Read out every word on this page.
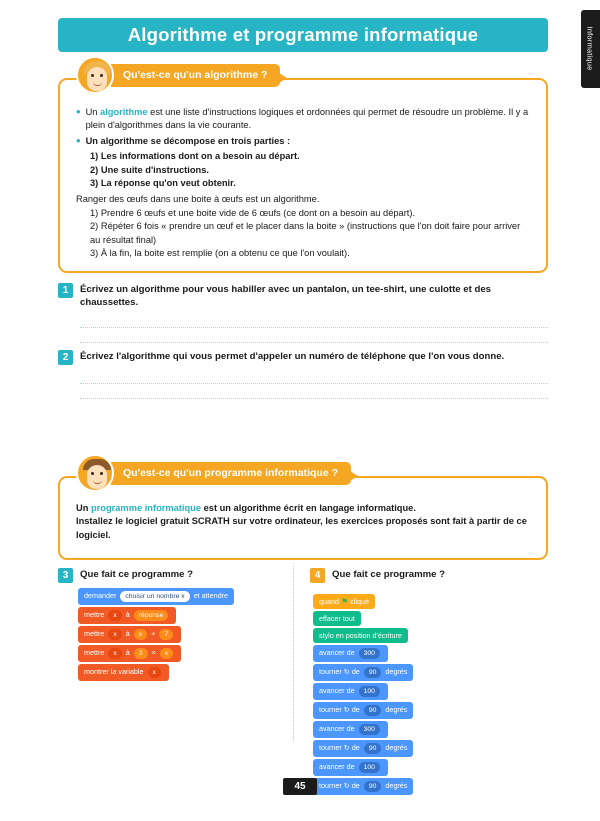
Informatique
Algorithme et programme informatique
Qu'est-ce qu'un algorithme ?
• Un algorithme est une liste d'instructions logiques et ordonnées qui permet de résoudre un problème. Il y a plein d'algorithmes dans la vie courante.
• Un algorithme se décompose en trois parties :
1) Les informations dont on a besoin au départ.
2) Une suite d'instructions.
3) La réponse qu'on veut obtenir.
Ranger des œufs dans une boite à œufs est un algorithme.
1) Prendre 6 œufs et une boite vide de 6 œufs (ce dont on a besoin au départ).
2) Répéter 6 fois « prendre un œuf et le placer dans la boite » (instructions que l'on doit faire pour arriver au résultat final)
3) À la fin, la boite est remplie (on a obtenu ce que l'on voulait).
1	Écrivez un algorithme pour vous habiller avec un pantalon, un tee-shirt, une culotte et des chaussettes.
2	Écrivez l'algorithme qui vous permet d'appeler un numéro de téléphone que l'on vous donne.
Qu'est-ce qu'un programme informatique ?
Un programme informatique est un algorithme écrit en langage informatique.
Installez le logiciel gratuit SCRATH sur votre ordinateur, les exercices proposés sont fait à partir de ce logiciel.
3	Que fait ce programme ?
demander choisir un nombre x et attendre
mettre x à réponse
mettre x à x + 7
mettre x à 3 × x
montrer la variable x
4	Que fait ce programme ?
quand ⚑ cliqué
effacer tout
stylo en position d'écriture
avancer de 300
tourner ↻ de 90 degrés
avancer de 100
tourner ↻ de 90 degrés
avancer de 300
tourner ↻ de 90 degrés
avancer de 100
tourner ↻ de 90 degrés
45
